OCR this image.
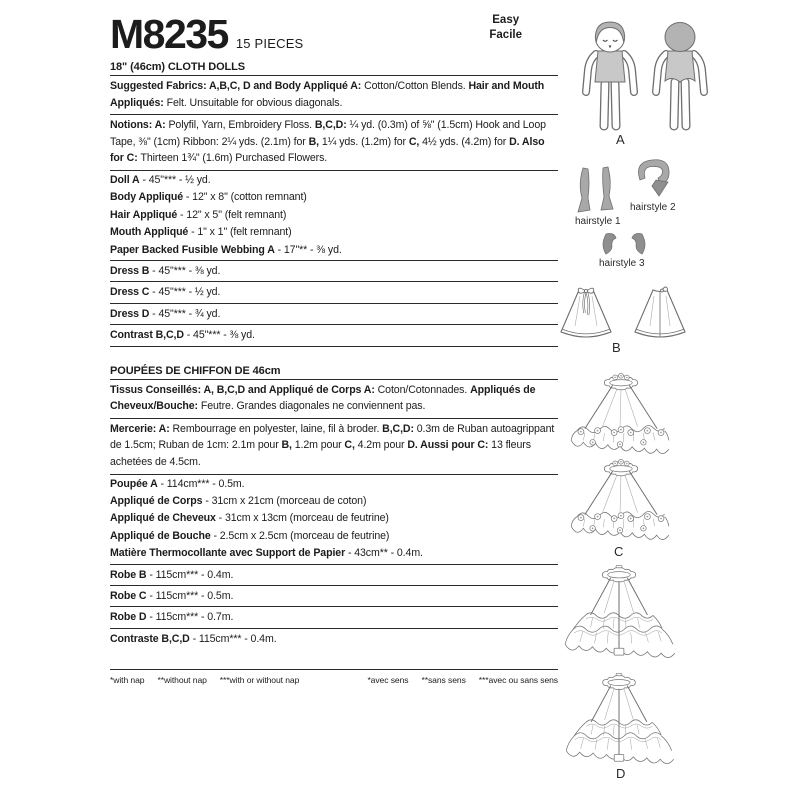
M8235 15 PIECES
Easy
Facile
18" (46cm) CLOTH DOLLS

Suggested Fabrics: A,B,C, D and Body Appliqué A: Cotton/Cotton Blends. Hair and Mouth Appliqués: Felt. Unsuitable for obvious diagonals.

Notions: A: Polyfil, Yarn, Embroidery Floss. B,C,D: ¼ yd. (0.3m) of ⅝" (1.5cm) Hook and Loop Tape, ⅜" (1cm) Ribbon: 2¼ yds. (2.1m) for B, 1¼ yds. (1.2m) for C, 4½ yds. (4.2m) for D. Also for C: Thirteen 1¾" (1.6m) Purchased Flowers.

Doll A - 45"*** - ½ yd.
Body Appliqué - 12" x 8" (cotton remnant)
Hair Appliqué - 12" x 5" (felt remnant)
Mouth Appliqué - 1" x 1" (felt remnant)
Paper Backed Fusible Webbing A - 17"** - ⅜ yd.
Dress B - 45"*** - ⅜ yd.
Dress C - 45"*** - ½ yd.
Dress D - 45"*** - ¾ yd.
Contrast B,C,D - 45"*** - ⅜ yd.
POUPÉES DE CHIFFON DE 46cm

Tissus Conseillés: A, B,C,D and Appliqué de Corps A: Coton/Cotonnades. Appliqués de Cheveux/Bouche: Feutre. Grandes diagonales ne conviennent pas.

Mercerie: A: Rembourrage en polyester, laine, fil à broder. B,C,D: 0.3m de Ruban autoagrippant de 1.5cm; Ruban de 1cm: 2.1m pour B, 1.2m pour C, 4.2m pour D. Aussi pour C: 13 fleurs achetées de 4.5cm.

Poupée A - 114cm*** - 0.5m.
Appliqué de Corps - 31cm x 21cm (morceau de coton)
Appliqué de Cheveux - 31cm x 13cm (morceau de feutrine)
Appliqué de Bouche - 2.5cm x 2.5cm (morceau de feutrine)
Matière Thermocollante avec Support de Papier - 43cm** - 0.4m.
Robe B - 115cm*** - 0.4m.
Robe C - 115cm*** - 0.5m.
Robe D - 115cm*** - 0.7m.
Contraste B,C,D - 115cm*** - 0.4m.
*with nap **without nap ***with or without nap	*avec sens **sans sens ***avec ou sans sens
A
hairstyle 1
hairstyle 2
hairstyle 3
B
C
D
